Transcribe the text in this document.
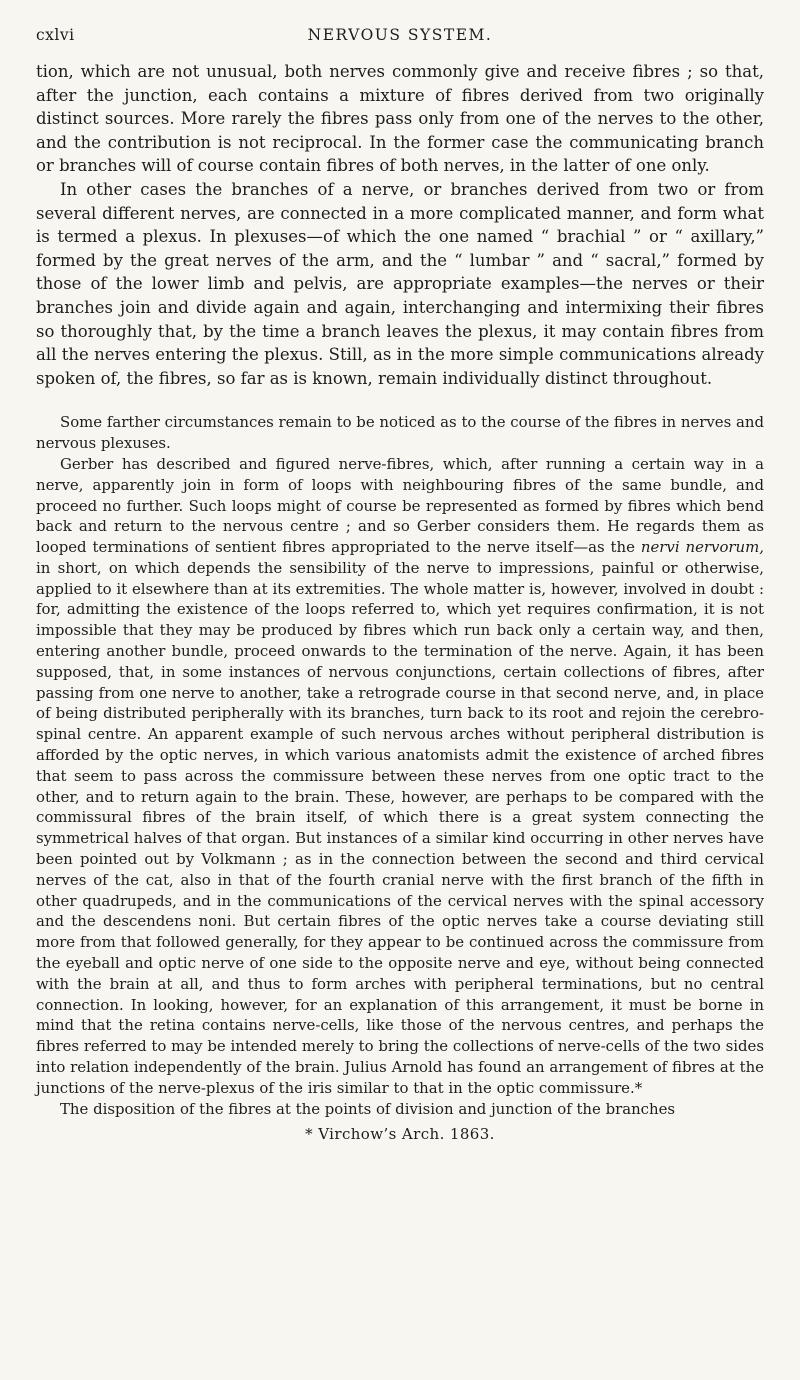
cxlvi	NERVOUS SYSTEM.

tion, which are not unusual, both nerves commonly give and receive fibres ; so that, after the junction, each contains a mixture of fibres derived from two originally distinct sources. More rarely the fibres pass only from one of the nerves to the other, and the contribution is not reciprocal. In the former case the communicating branch or branches will of course contain fibres of both nerves, in the latter of one only.

In other cases the branches of a nerve, or branches derived from two or from several different nerves, are connected in a more complicated manner, and form what is termed a plexus. In plexuses—of which the one named “ brachial ” or “ axillary,” formed by the great nerves of the arm, and the “ lumbar ” and “ sacral,” formed by those of the lower limb and pelvis, are appropriate examples—the nerves or their branches join and divide again and again, interchanging and intermixing their fibres so thoroughly that, by the time a branch leaves the plexus, it may contain fibres from all the nerves entering the plexus. Still, as in the more simple communications already spoken of, the fibres, so far as is known, remain individually distinct throughout.

Some farther circumstances remain to be noticed as to the course of the fibres in nerves and nervous plexuses.

Gerber has described and figured nerve-fibres, which, after running a certain way in a nerve, apparently join in form of loops with neighbouring fibres of the same bundle, and proceed no further. Such loops might of course be represented as formed by fibres which bend back and return to the nervous centre ; and so Gerber considers them. He regards them as looped terminations of sentient fibres appropriated to the nerve itself—as the nervi nervorum, in short, on which depends the sensibility of the nerve to impressions, painful or otherwise, applied to it elsewhere than at its extremities. The whole matter is, however, involved in doubt : for, admitting the existence of the loops referred to, which yet requires confirmation, it is not impossible that they may be produced by fibres which run back only a certain way, and then, entering another bundle, proceed onwards to the termination of the nerve. Again, it has been supposed, that, in some instances of nervous conjunctions, certain collections of fibres, after passing from one nerve to another, take a retrograde course in that second nerve, and, in place of being distributed peripherally with its branches, turn back to its root and rejoin the cerebro-spinal centre. An apparent example of such nervous arches without peripheral distribution is afforded by the optic nerves, in which various anatomists admit the existence of arched fibres that seem to pass across the commissure between these nerves from one optic tract to the other, and to return again to the brain. These, however, are perhaps to be compared with the commissural fibres of the brain itself, of which there is a great system connecting the symmetrical halves of that organ. But instances of a similar kind occurring in other nerves have been pointed out by Volkmann ; as in the connection between the second and third cervical nerves of the cat, also in that of the fourth cranial nerve with the first branch of the fifth in other quadrupeds, and in the communications of the cervical nerves with the spinal accessory and the descendens noni. But certain fibres of the optic nerves take a course deviating still more from that followed generally, for they appear to be continued across the commissure from the eyeball and optic nerve of one side to the opposite nerve and eye, without being connected with the brain at all, and thus to form arches with peripheral terminations, but no central connection. In looking, however, for an explanation of this arrangement, it must be borne in mind that the retina contains nerve-cells, like those of the nervous centres, and perhaps the fibres referred to may be intended merely to bring the collections of nerve-cells of the two sides into relation independently of the brain. Julius Arnold has found an arrangement of fibres at the junctions of the nerve-plexus of the iris similar to that in the optic commissure.*

The disposition of the fibres at the points of division and junction of the branches

* Virchow’s Arch. 1863.
